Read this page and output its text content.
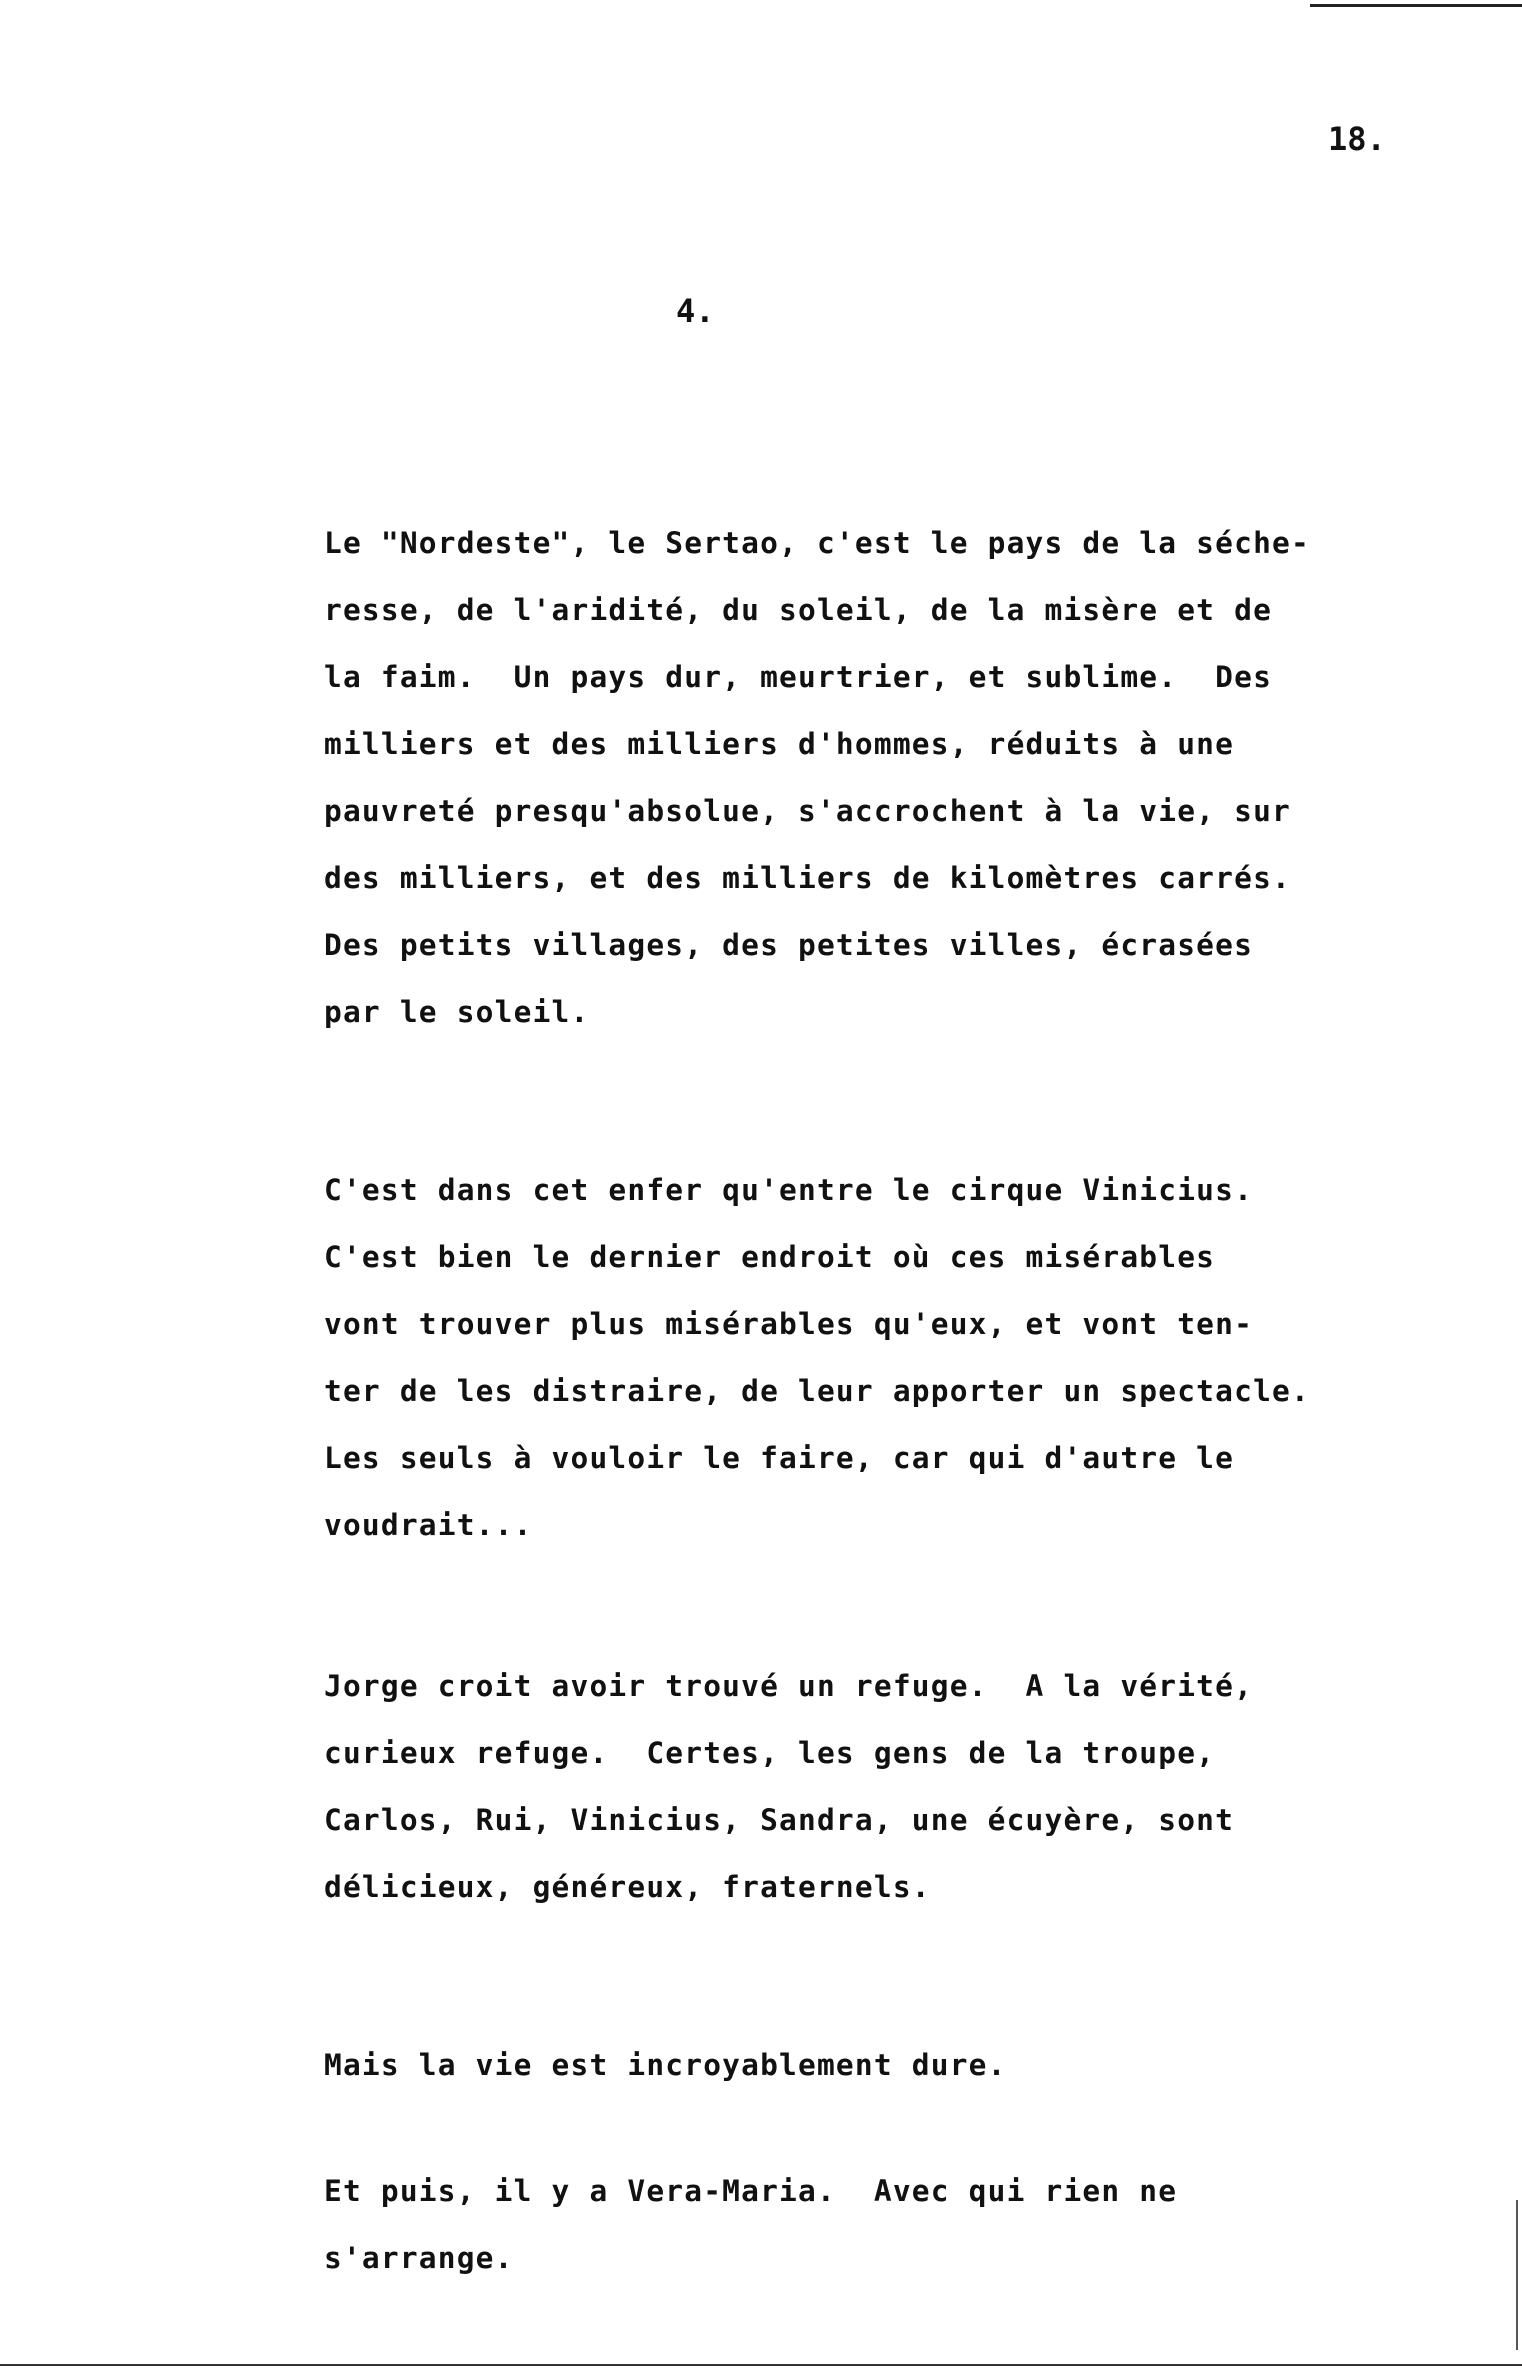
18.
4.
Le "Nordeste", le Sertao, c'est le pays de la séche-
resse, de l'aridité, du soleil, de la misère et de
la faim.  Un pays dur, meurtrier, et sublime.  Des
milliers et des milliers d'hommes, réduits à une
pauvreté presqu'absolue, s'accrochent à la vie, sur
des milliers, et des milliers de kilomètres carrés.
Des petits villages, des petites villes, écrasées
par le soleil.
C'est dans cet enfer qu'entre le cirque Vinicius.
C'est bien le dernier endroit où ces misérables
vont trouver plus misérables qu'eux, et vont ten-
ter de les distraire, de leur apporter un spectacle.
Les seuls à vouloir le faire, car qui d'autre le
voudrait...
Jorge croit avoir trouvé un refuge.  A la vérité,
curieux refuge.  Certes, les gens de la troupe,
Carlos, Rui, Vinicius, Sandra, une écuyère, sont
délicieux, généreux, fraternels.
Mais la vie est incroyablement dure.
Et puis, il y a Vera-Maria.  Avec qui rien ne
s'arrange.
